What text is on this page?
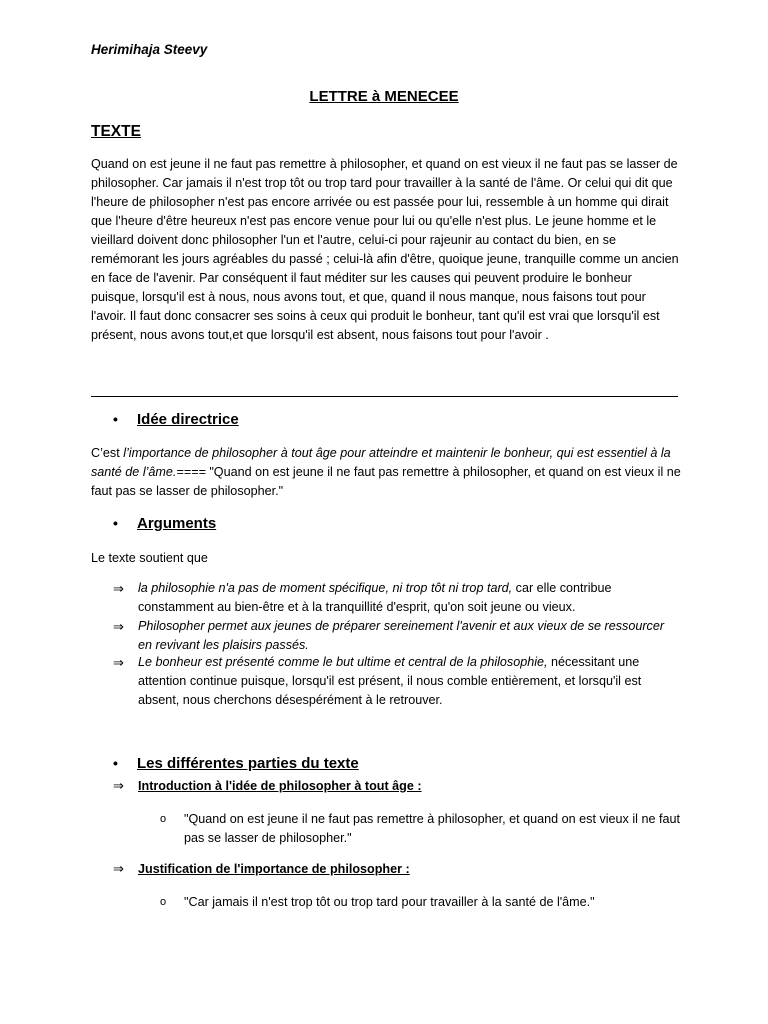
Herimihaja Steevy
LETTRE à MENECEE
TEXTE
Quand on est jeune il ne faut pas remettre à philosopher, et quand on est vieux il ne faut pas se lasser de philosopher. Car jamais il n'est trop tôt ou trop tard pour travailler à la santé de l'âme. Or celui qui dit que l'heure de philosopher n'est pas encore arrivée ou est passée pour lui, ressemble à un homme qui dirait que l'heure d'être heureux n'est pas encore venue pour lui ou qu'elle n'est plus. Le jeune homme et le vieillard doivent donc philosopher l'un et l'autre, celui-ci pour rajeunir au contact du bien, en se remémorant les jours agréables du passé ; celui-là afin d'être, quoique jeune, tranquille comme un ancien en face de l'avenir. Par conséquent il faut méditer sur les causes qui peuvent produire le bonheur puisque, lorsqu'il est à nous, nous avons tout, et que, quand il nous manque, nous faisons tout pour l'avoir. Il faut donc consacrer ses soins à ceux qui produit le bonheur, tant qu'il est vrai que lorsqu'il est présent, nous avons tout,et que lorsqu'il est absent, nous faisons tout pour l'avoir .
• Idée directrice
C’est l’importance de philosopher à tout âge pour atteindre et maintenir le bonheur, qui est essentiel à la santé de l’âme.==== "Quand on est jeune il ne faut pas remettre à philosopher, et quand on est vieux il ne faut pas se lasser de philosopher."
• Arguments
Le texte soutient que
⇒ la philosophie n'a pas de moment spécifique, ni trop tôt ni trop tard, car elle contribue constamment au bien-être et à la tranquillité d'esprit, qu'on soit jeune ou vieux.
⇒ Philosopher permet aux jeunes de préparer sereinement l'avenir et aux vieux de se ressourcer en revivant les plaisirs passés.
⇒ Le bonheur est présenté comme le but ultime et central de la philosophie, nécessitant une attention continue puisque, lorsqu'il est présent, il nous comble entièrement, et lorsqu'il est absent, nous cherchons désespérément à le retrouver.
• Les différentes parties du texte
⇒ Introduction à l'idée de philosopher à tout âge :
o "Quand on est jeune il ne faut pas remettre à philosopher, et quand on est vieux il ne faut pas se lasser de philosopher."
⇒ Justification de l'importance de philosopher :
o "Car jamais il n'est trop tôt ou trop tard pour travailler à la santé de l'âme."
